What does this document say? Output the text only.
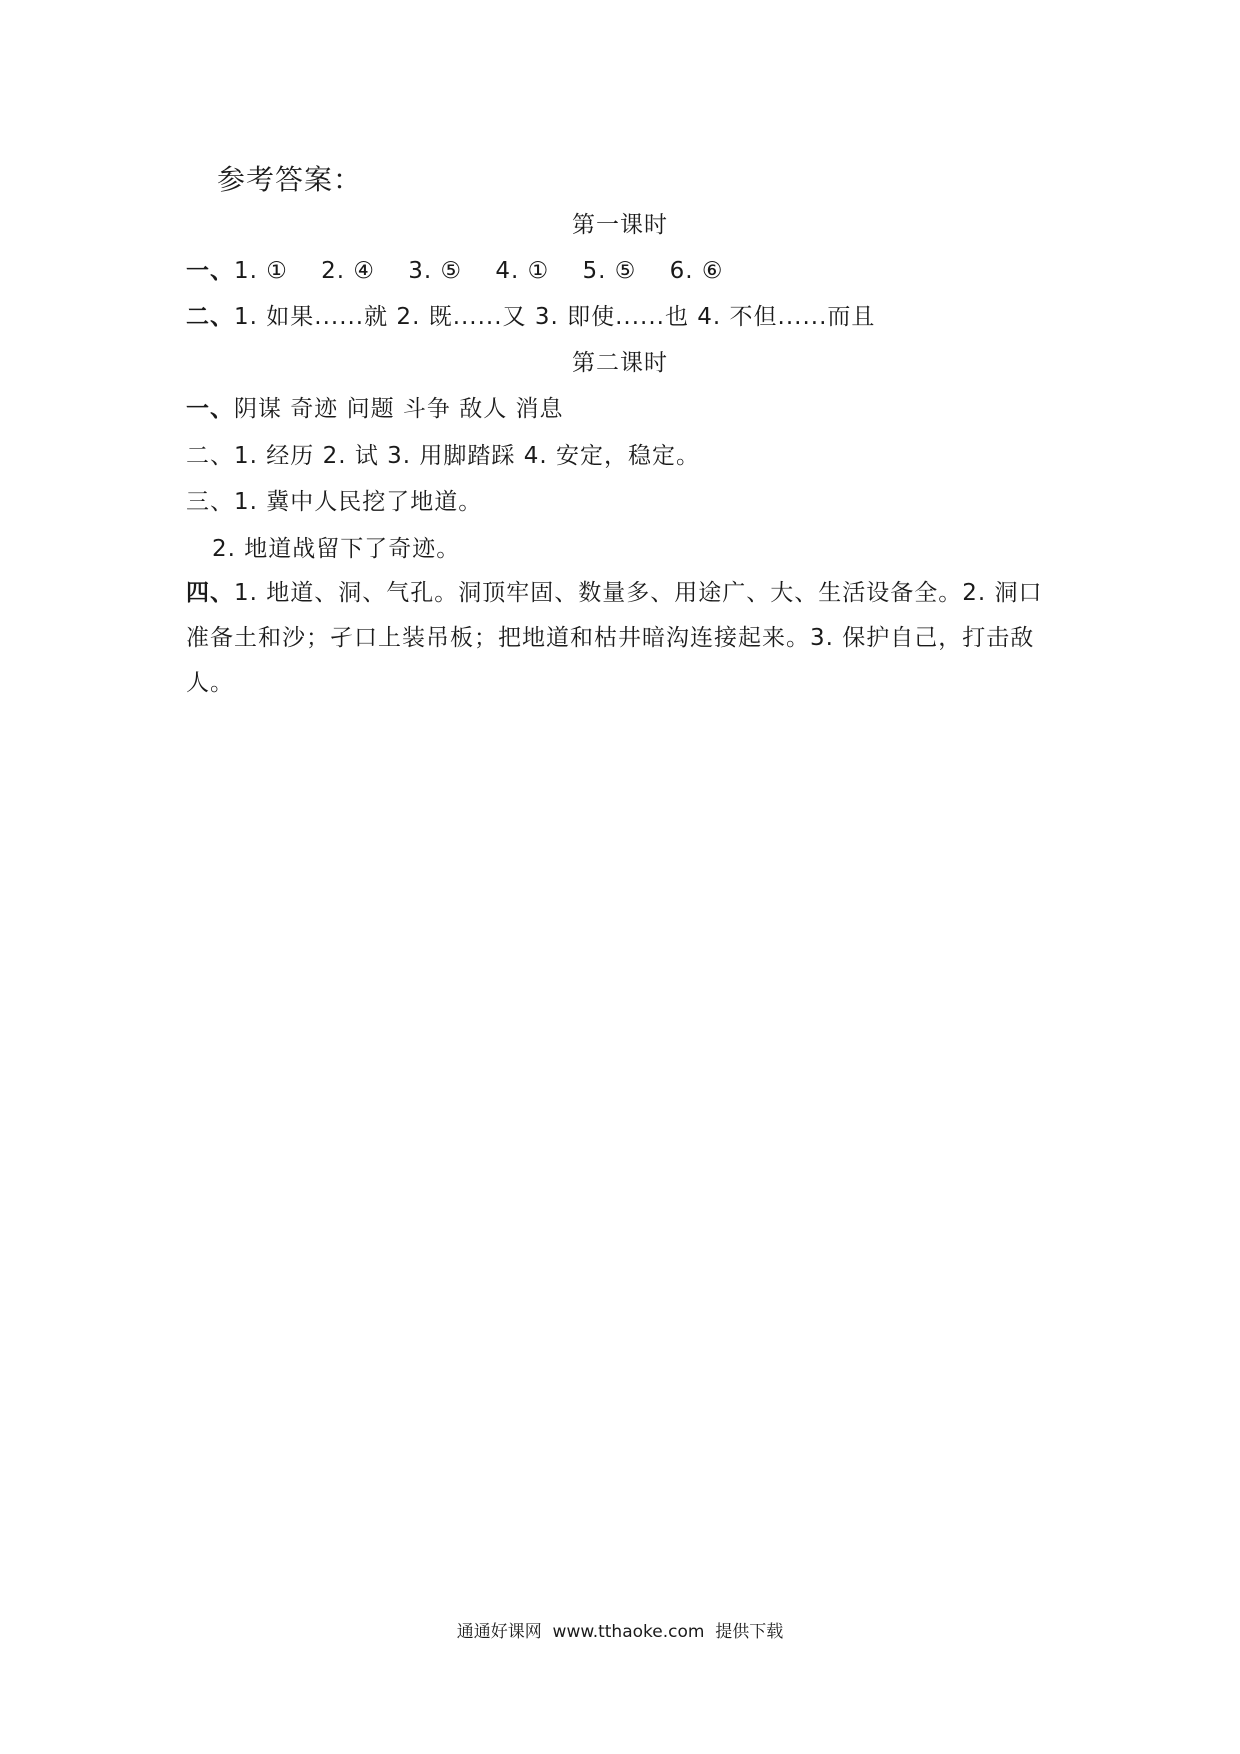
参考答案：
第一课时
一、1. ①    2. ④    3. ⑤    4. ①    5. ⑤    6. ⑥
二、1. 如果......就 2. 既......又 3. 即使......也 4. 不但......而且
第二课时
一、阴谋 奇迹 问题 斗争 敌人 消息
二、1. 经历 2. 试 3. 用脚踏踩 4. 安定，稳定。
三、1. 冀中人民挖了地道。
2. 地道战留下了奇迹。
四、1. 地道、洞、气孔。洞顶牢固、数量多、用途广、大、生活设备全。2. 洞口准备土和沙；孑口上装吊板；把地道和枯井暗沟连接起来。3. 保护自己，打击敌人。
通通好课网  www.tthaoke.com  提供下载
